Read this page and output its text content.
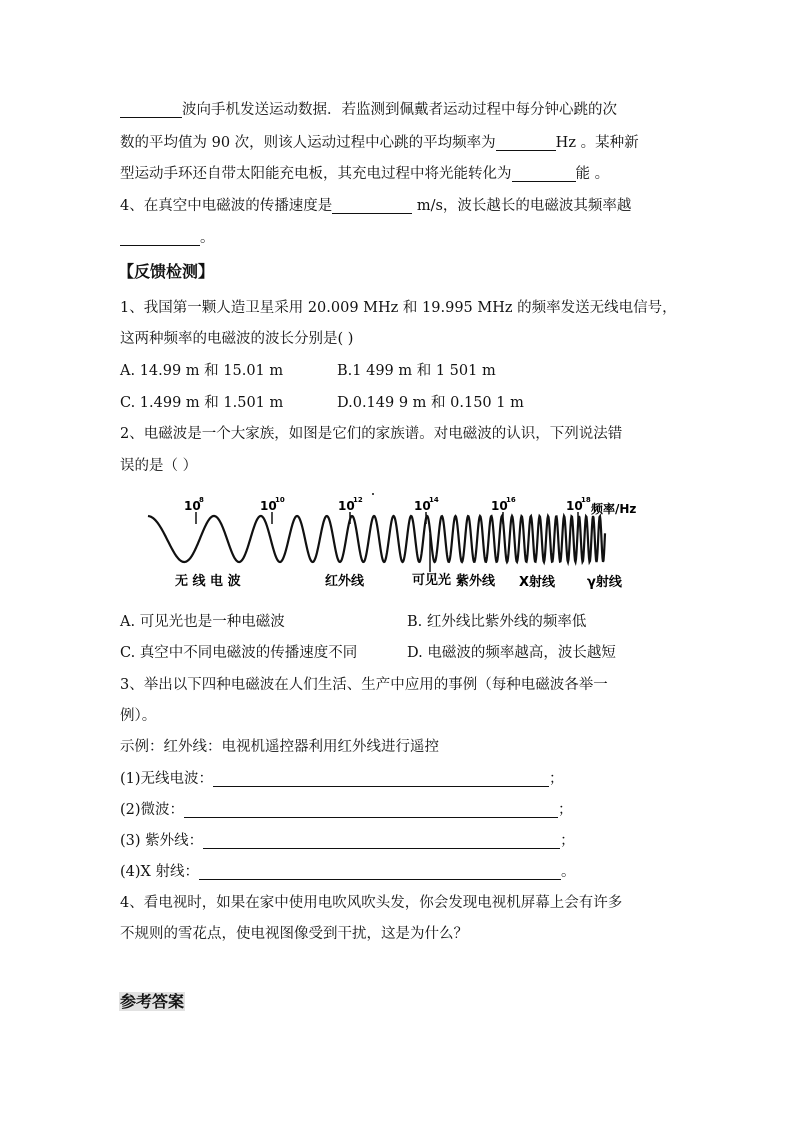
波向手机发送运动数据．若监测到佩戴者运动过程中每分钟心跳的次
数的平均值为 90 次，则该人运动过程中心跳的平均频率为	Hz 。某种新
型运动手环还自带太阳能充电板，其充电过程中将光能转化为	能 。
4、在真空中电磁波的传播速度是	m/s，波长越长的电磁波其频率越
。
【反馈检测】
1、我国第一颗人造卫星采用 20.009 MHz 和 19.995 MHz 的频率发送无线电信号，
这两种频率的电磁波的波长分别是( )
A. 14.99 m 和 15.01 m	B.1 499 m 和 1 501 m
C. 1.499 m 和 1.501 m	D.0.149 9 m 和 0.150 1 m
2、电磁波是一个大家族，如图是它们的家族谱。对电磁波的认识，下列说法错
误的是（ ）
10
8	10
10	10
12	10
14	10
16	10
18
频率/Hz
无 线 电 波	红外线	可见光 紫外线 X射线 γ射线
A. 可见光也是一种电磁波	B. 红外线比紫外线的频率低
C. 真空中不同电磁波的传播速度不同	D. 电磁波的频率越高，波长越短
3、举出以下四种电磁波在人们生活、生产中应用的事例（每种电磁波各举一
例）。
示例：红外线：电视机遥控器利用红外线进行遥控
(1)无线电波：	；
(2)微波：	；
(3) 紫外线：	；
(4)X 射线：	。
4、看电视时，如果在家中使用电吹风吹头发，你会发现电视机屏幕上会有许多
不规则的雪花点，使电视图像受到干扰，这是为什么？
参考答案
